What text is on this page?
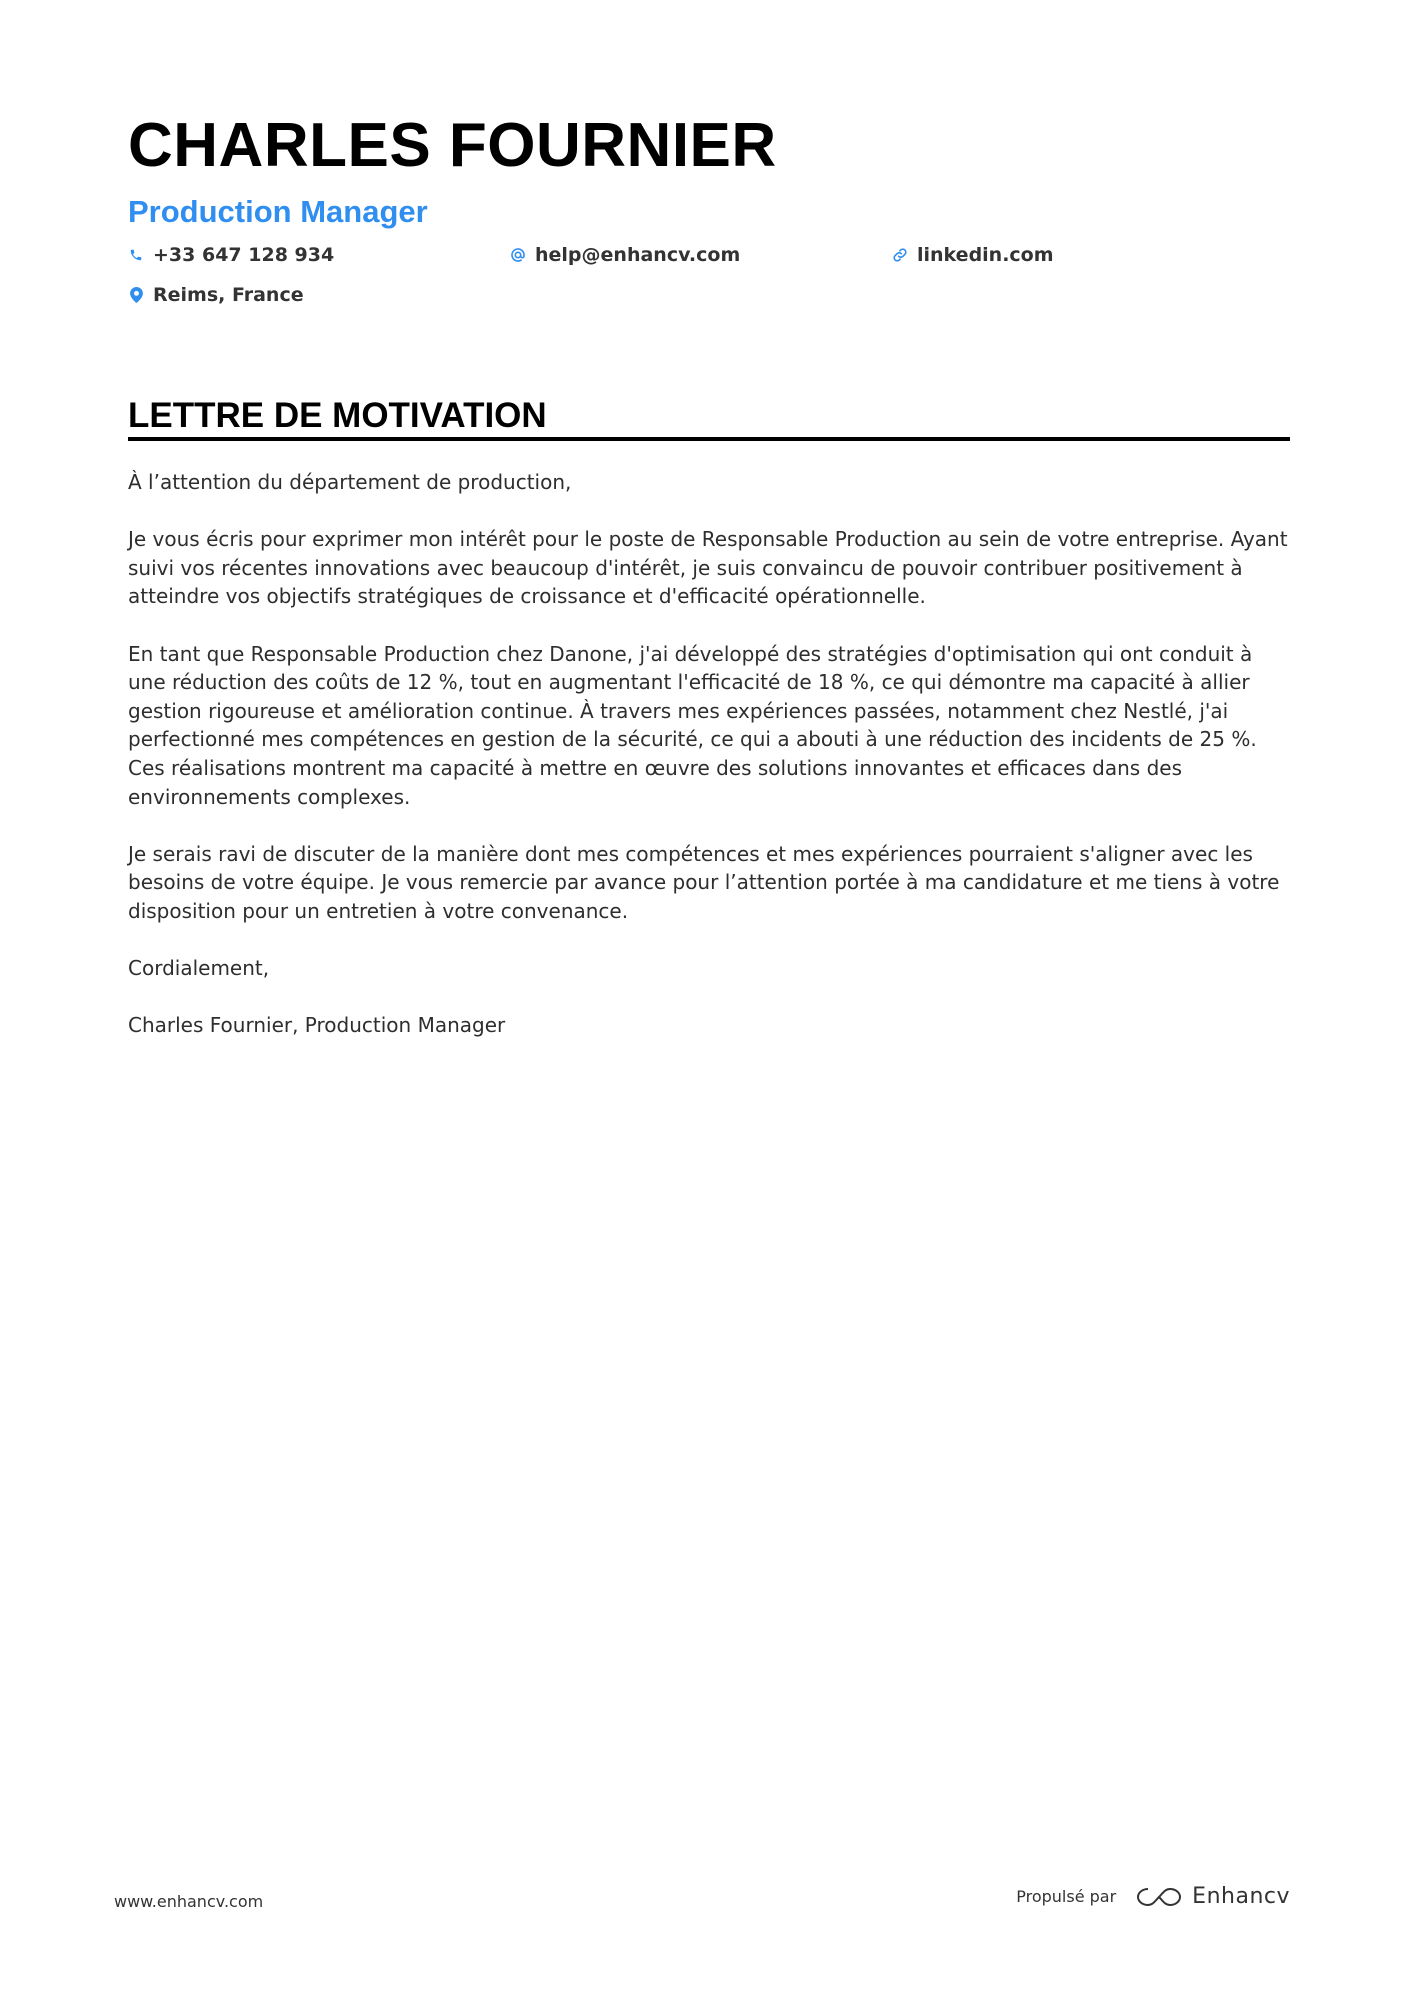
CHARLES FOURNIER
Production Manager
+33 647 128 934	help@enhancv.com	linkedin.com
Reims, France
LETTRE DE MOTIVATION

À l’attention du département de production,

Je vous écris pour exprimer mon intérêt pour le poste de Responsable Production au sein de votre entreprise. Ayant suivi vos récentes innovations avec beaucoup d'intérêt, je suis convaincu de pouvoir contribuer positivement à atteindre vos objectifs stratégiques de croissance et d'efficacité opérationnelle.

En tant que Responsable Production chez Danone, j'ai développé des stratégies d'optimisation qui ont conduit à une réduction des coûts de 12 %, tout en augmentant l'efficacité de 18 %, ce qui démontre ma capacité à allier gestion rigoureuse et amélioration continue. À travers mes expériences passées, notamment chez Nestlé, j'ai perfectionné mes compétences en gestion de la sécurité, ce qui a abouti à une réduction des incidents de 25 %. Ces réalisations montrent ma capacité à mettre en œuvre des solutions innovantes et efficaces dans des environnements complexes.

Je serais ravi de discuter de la manière dont mes compétences et mes expériences pourraient s'aligner avec les besoins de votre équipe. Je vous remercie par avance pour l’attention portée à ma candidature et me tiens à votre disposition pour un entretien à votre convenance.

Cordialement,

Charles Fournier, Production Manager

www.enhancv.com	Propulsé par	Enhancv
